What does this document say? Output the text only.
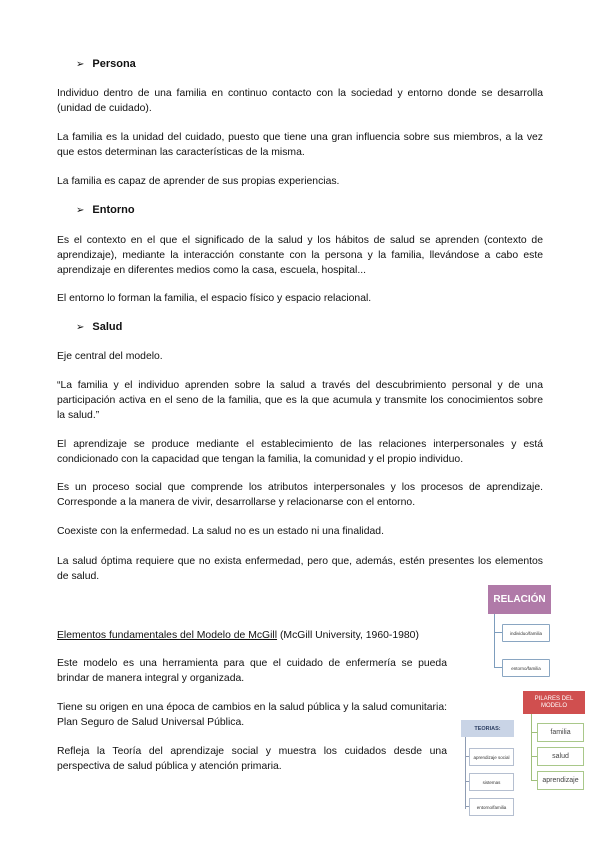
➢ Persona

Individuo dentro de una familia en continuo contacto con la sociedad y entorno donde se desarrolla (unidad de cuidado).

La familia es la unidad del cuidado, puesto que tiene una gran influencia sobre sus miembros, a la vez que estos determinan las características de la misma.

La familia es capaz de aprender de sus propias experiencias.

➢ Entorno

Es el contexto en el que el significado de la salud y los hábitos de salud se aprenden (contexto de aprendizaje), mediante la interacción constante con la persona y la familia, llevándose a cabo este aprendizaje en diferentes medios como la casa, escuela, hospital...

El entorno lo forman la familia, el espacio físico y espacio relacional.

➢ Salud

Eje central del modelo.

“La familia y el individuo aprenden sobre la salud a través del descubrimiento personal y de una participación activa en el seno de la familia, que es la que acumula y transmite los conocimientos sobre la salud.”

El aprendizaje se produce mediante el establecimiento de las relaciones interpersonales y está condicionado con la capacidad que tengan la familia, la comunidad y el propio individuo.

Es un proceso social que comprende los atributos interpersonales y los procesos de aprendizaje. Corresponde a la manera de vivir, desarrollarse y relacionarse con el entorno.

Coexiste con la enfermedad. La salud no es un estado ni una finalidad.

La salud óptima requiere que no exista enfermedad, pero que, además, estén presentes los elementos de salud.

Elementos fundamentales del Modelo de McGill (McGill University, 1960-1980)

Este modelo es una herramienta para que el cuidado de enfermería se pueda brindar de manera integral y organizada.

Tiene su origen en una época de cambios en la salud pública y la salud comunitaria: Plan Seguro de Salud Universal Pública.

Refleja la Teoría del aprendizaje social y muestra los cuidados desde una perspectiva de salud pública y atención primaria.

RELACIÓN
individuo/familia
entorno/familia
PILARES DEL MODELO
familia
salud
aprendizaje
TEORIAS:
aprendizaje social
sistemas
entorno/familia
